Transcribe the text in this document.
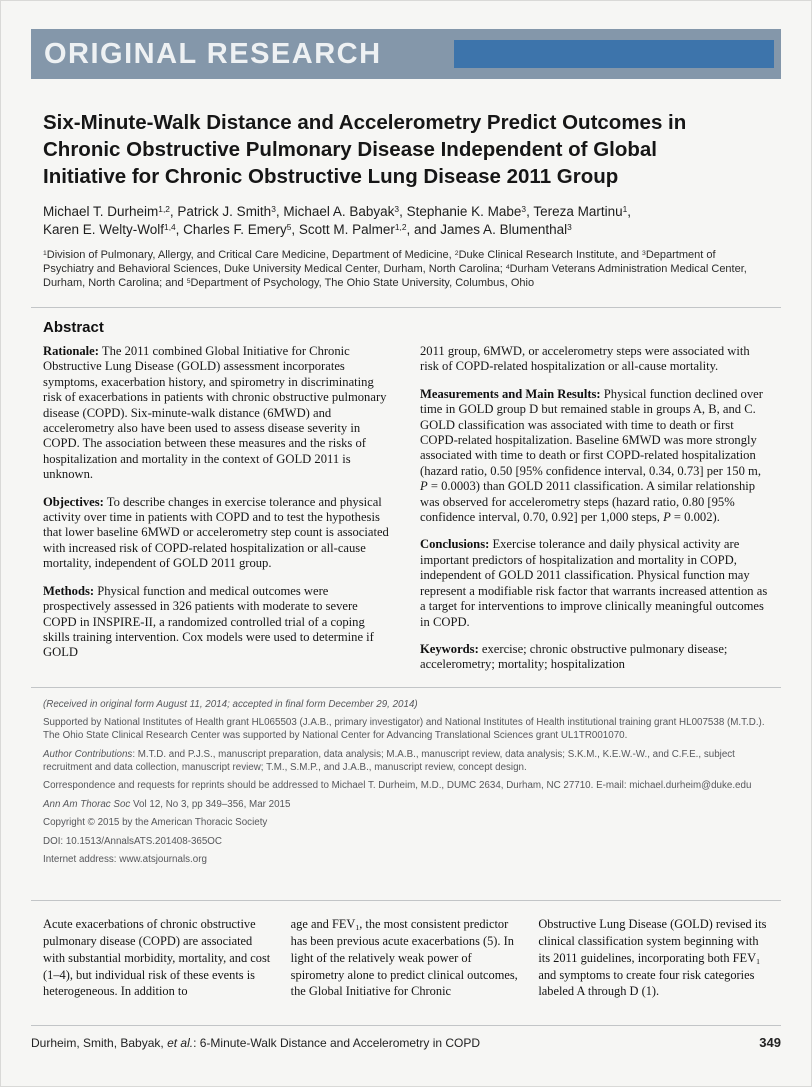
ORIGINAL RESEARCH
Six-Minute-Walk Distance and Accelerometry Predict Outcomes in
Chronic Obstructive Pulmonary Disease Independent of Global
Initiative for Chronic Obstructive Lung Disease 2011 Group

Michael T. Durheim$^{1,2}$, Patrick J. Smith$^3$, Michael A. Babyak$^3$, Stephanie K. Mabe$^3$, Tereza Martinu$^1$,
Karen E. Welty-Wolf$^{1,4}$, Charles F. Emery$^5$, Scott M. Palmer$^{1,2}$, and James A. Blumenthal$^3$

$^1$Division of Pulmonary, Allergy, and Critical Care Medicine, Department of Medicine, $^2$Duke Clinical Research Institute, and $^3$Department of Psychiatry and Behavioral Sciences, Duke University Medical Center, Durham, North Carolina; $^4$Durham Veterans Administration Medical Center, Durham, North Carolina; and $^5$Department of Psychology, The Ohio State University, Columbus, Ohio

Abstract

Rationale: The 2011 combined Global Initiative for Chronic Obstructive Lung Disease (GOLD) assessment incorporates symptoms, exacerbation history, and spirometry in discriminating risk of exacerbations in patients with chronic obstructive pulmonary disease (COPD). Six-minute-walk distance (6MWD) and accelerometry also have been used to assess disease severity in COPD. The association between these measures and the risks of hospitalization and mortality in the context of GOLD 2011 is unknown.

Objectives: To describe changes in exercise tolerance and physical activity over time in patients with COPD and to test the hypothesis that lower baseline 6MWD or accelerometry step count is associated with increased risk of COPD-related hospitalization or all-cause mortality, independent of GOLD 2011 group.

Methods: Physical function and medical outcomes were prospectively assessed in 326 patients with moderate to severe COPD in INSPIRE-II, a randomized controlled trial of a coping skills training intervention. Cox models were used to determine if GOLD

2011 group, 6MWD, or accelerometry steps were associated with risk of COPD-related hospitalization or all-cause mortality.

Measurements and Main Results: Physical function declined over time in GOLD group D but remained stable in groups A, B, and C. GOLD classification was associated with time to death or first COPD-related hospitalization. Baseline 6MWD was more strongly associated with time to death or first COPD-related hospitalization (hazard ratio, 0.50 [95% confidence interval, 0.34, 0.73] per 150 m, P = 0.0003) than GOLD 2011 classification. A similar relationship was observed for accelerometry steps (hazard ratio, 0.80 [95% confidence interval, 0.70, 0.92] per 1,000 steps, P = 0.002).

Conclusions: Exercise tolerance and daily physical activity are important predictors of hospitalization and mortality in COPD, independent of GOLD 2011 classification. Physical function may represent a modifiable risk factor that warrants increased attention as a target for interventions to improve clinically meaningful outcomes in COPD.

Keywords: exercise; chronic obstructive pulmonary disease; accelerometry; mortality; hospitalization

(Received in original form August 11, 2014; accepted in final form December 29, 2014)

Supported by National Institutes of Health grant HL065503 (J.A.B., primary investigator) and National Institutes of Health institutional training grant HL007538 (M.T.D.). The Ohio State Clinical Research Center was supported by National Center for Advancing Translational Sciences grant UL1TR001070.

Author Contributions: M.T.D. and P.J.S., manuscript preparation, data analysis; M.A.B., manuscript review, data analysis; S.K.M., K.E.W.-W., and C.F.E., subject recruitment and data collection, manuscript review; T.M., S.M.P., and J.A.B., manuscript review, concept design.

Correspondence and requests for reprints should be addressed to Michael T. Durheim, M.D., DUMC 2634, Durham, NC 27710. E-mail: michael.durheim@duke.edu

Ann Am Thorac Soc Vol 12, No 3, pp 349–356, Mar 2015

Copyright © 2015 by the American Thoracic Society

DOI: 10.1513/AnnalsATS.201408-365OC

Internet address: www.atsjournals.org

Acute exacerbations of chronic obstructive pulmonary disease (COPD) are associated with substantial morbidity, mortality, and cost (1–4), but individual risk of these events is heterogeneous. In addition to

age and $FEV_1$, the most consistent predictor has been previous acute exacerbations (5). In light of the relatively weak power of spirometry alone to predict clinical outcomes, the Global Initiative for Chronic

Obstructive Lung Disease (GOLD) revised its clinical classification system beginning with its 2011 guidelines, incorporating both $FEV_1$ and symptoms to create four risk categories labeled A through D (1).

Durheim, Smith, Babyak, et al.: 6-Minute-Walk Distance and Accelerometry in COPD	349
